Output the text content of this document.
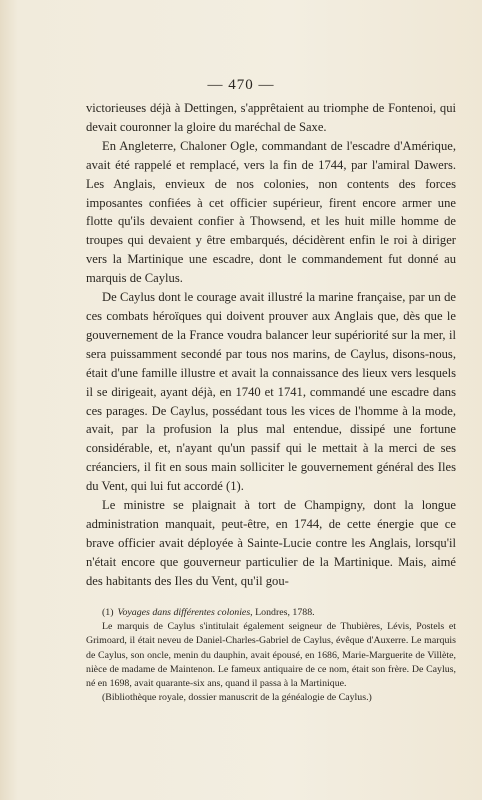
— 470 —

victorieuses déjà à Dettingen, s'apprêtaient au triomphe de Fontenoi, qui devait couronner la gloire du maréchal de Saxe.

En Angleterre, Chaloner Ogle, commandant de l'escadre d'Amérique, avait été rappelé et remplacé, vers la fin de 1744, par l'amiral Dawers. Les Anglais, envieux de nos colonies, non contents des forces imposantes confiées à cet officier supérieur, firent encore armer une flotte qu'ils devaient confier à Thowsend, et les huit mille homme de troupes qui devaient y être embarqués, décidèrent enfin le roi à diriger vers la Martinique une escadre, dont le commandement fut donné au marquis de Caylus.

De Caylus dont le courage avait illustré la marine française, par un de ces combats héroïques qui doivent prouver aux Anglais que, dès que le gouvernement de la France voudra balancer leur supériorité sur la mer, il sera puissamment secondé par tous nos marins, de Caylus, disons-nous, était d'une famille illustre et avait la connaissance des lieux vers lesquels il se dirigeait, ayant déjà, en 1740 et 1741, commandé une escadre dans ces parages. De Caylus, possédant tous les vices de l'homme à la mode, avait, par la profusion la plus mal entendue, dissipé une fortune considérable, et, n'ayant qu'un passif qui le mettait à la merci de ses créanciers, il fit en sous main solliciter le gouvernement général des Iles du Vent, qui lui fut accordé (1).

Le ministre se plaignait à tort de Champigny, dont la longue administration manquait, peut-être, en 1744, de cette énergie que ce brave officier avait déployée à Sainte-Lucie contre les Anglais, lorsqu'il n'était encore que gouverneur particulier de la Martinique. Mais, aimé des habitants des Iles du Vent, qu'il gou-

(1) Voyages dans différentes colonies, Londres, 1788.

Le marquis de Caylus s'intitulait également seigneur de Thubières, Lévis, Postels et Grimoard, il était neveu de Daniel-Charles-Gabriel de Caylus, évêque d'Auxerre. Le marquis de Caylus, son oncle, menin du dauphin, avait épousé, en 1686, Marie-Marguerite de Villète, nièce de madame de Maintenon. Le fameux antiquaire de ce nom, était son frère. De Caylus, né en 1698, avait quarante-six ans, quand il passa à la Martinique.

(Bibliothèque royale, dossier manuscrit de la généalogie de Caylus.)
